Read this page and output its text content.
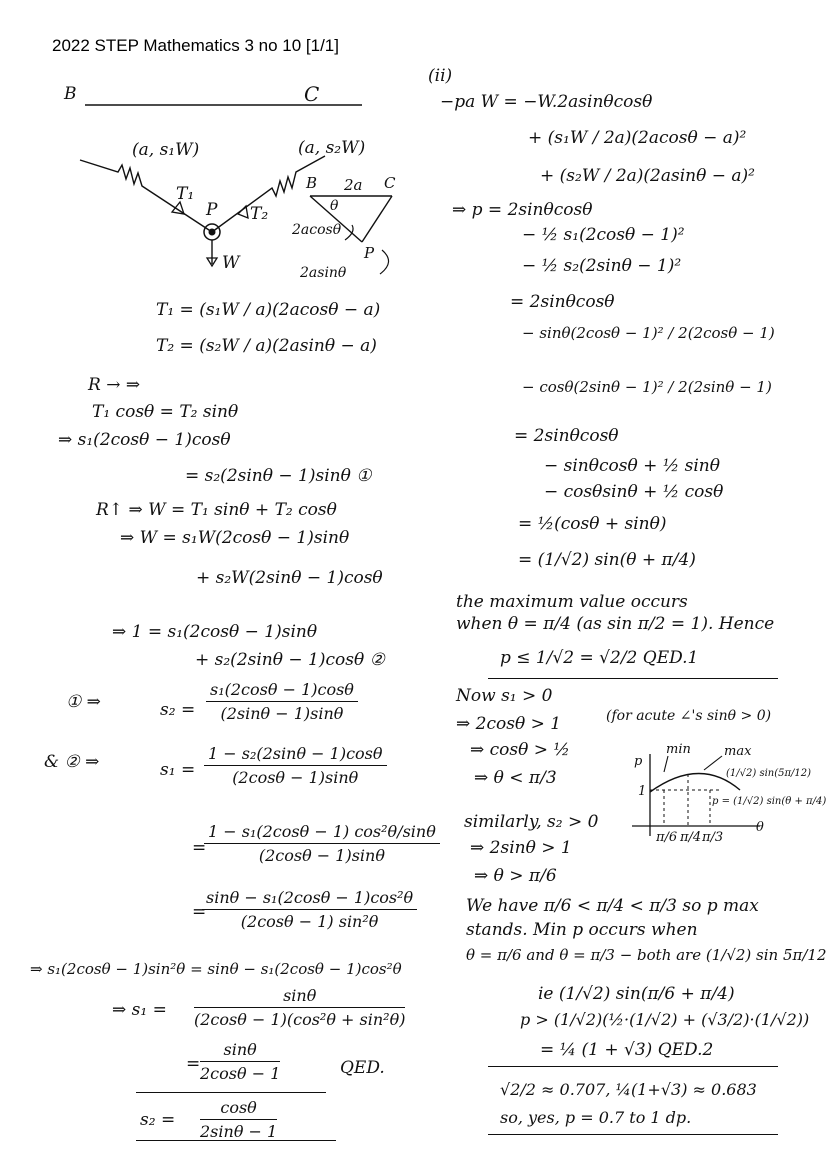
2022 STEP Mathematics 3 no 10 [1/1]
B	C
(a, s₁W)	(a, s₂W)
T₁
T₂
P
W
B 2a C
θ
P
2acosθ
2asinθ
T₁ = (s₁W / a)(2acosθ − a)
T₂ = (s₂W / a)(2asinθ − a)
R → ⇒
T₁ cosθ = T₂ sinθ
⇒ s₁(2cosθ − 1)cosθ
= s₂(2sinθ − 1)sinθ ①
R↑ ⇒ W = T₁ sinθ + T₂ cosθ
⇒ W = s₁W(2cosθ − 1)sinθ
+ s₂W(2sinθ − 1)cosθ
⇒ 1 = s₁(2cosθ − 1)sinθ
+ s₂(2sinθ − 1)cosθ ②
① ⇒	$s_2 = \frac{\text{s₁(2cosθ − 1)cosθ}}{(2\sin\theta - 1)\sin\theta}$
& ② ⇒	$s_1 = \frac{\text{1 − s₂(2sinθ − 1)cosθ}}{(2\cos\theta - 1)\sin\theta}$
=
$\frac{\text{1 − s₁(2cosθ − 1) cos²θ/sinθ}}{(2\cos\theta - 1)\sin\theta}$
=
$\frac{\text{sinθ − s₁(2cosθ − 1)cos²θ}}{\text{(2cosθ − 1) sin²θ}}$
⇒ s₁(2cosθ − 1)sin²θ = sinθ − s₁(2cosθ − 1)cos²θ
⇒ $s_1 = \frac{\sin\theta}{\text{(2cosθ − 1)(cos²θ + sin²θ)}}$
= $\frac{\sin\theta}{2\cos\theta - 1}$	QED.
$s_2 = \frac{\cos\theta}{2\sin\theta - 1}$
(ii)
−pa W = −W.2asinθcosθ
+ (s₁W / 2a)(2acosθ − a)²
+ (s₂W / 2a)(2asinθ − a)²
⇒ p = 2sinθcosθ
− ½ s₁(2cosθ − 1)²
− ½ s₂(2sinθ − 1)²
= 2sinθcosθ
− sinθ(2cosθ − 1)² / 2(2cosθ − 1)
− cosθ(2sinθ − 1)² / 2(2sinθ − 1)
= 2sinθcosθ
− sinθcosθ + ½ sinθ
− cosθsinθ + ½ cosθ
= ½(cosθ + sinθ)
= (1/√2) sin(θ + π/4)
the maximum value occurs
when θ = π/4 (as sin π/2 = 1). Hence
p ≤ 1/√2 = √2/2 QED.1
Now s₁ > 0
⇒ 2cosθ > 1	(for acute ∠'s sinθ > 0)
⇒ cosθ > ½
⇒ θ < π/3
similarly, s₂ > 0
⇒ 2sinθ > 1
⇒ θ > π/6
We have π/6 < π/4 < π/3 so p max
stands. Min p occurs when
θ = π/6 and θ = π/3 − both are (1/√2) sin 5π/12
ie (1/√2) sin(π/6 + π/4)
p > (1/√2)(½·(1/√2) + (√3/2)·(1/√2))
= ¼ (1 + √3) QED.2
√2/2 ≈ 0.707, ¼(1+√3) ≈ 0.683
so, yes, p = 0.7 to 1 dp.
p
min	max
1
(1/√2) sin(5π/12)
p = (1/√2) sin(θ + π/4)
π/6 π/4 π/3
θ
